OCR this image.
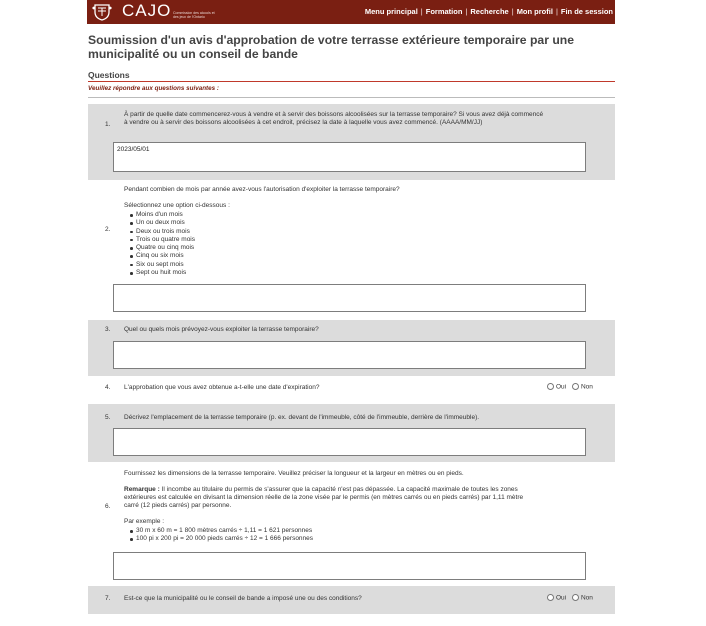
CAJO Commission des alcools et des jeux de l'Ontario
Menu principal | Formation | Recherche | Mon profil | Fin de session
Soumission d'un avis d'approbation de votre terrasse extérieure temporaire par une municipalité ou un conseil de bande
Questions
Veuillez répondre aux questions suivantes :
1.
À partir de quelle date commencerez-vous à vendre et à servir des boissons alcoolisées sur la terrasse temporaire? Si vous avez déjà commencé à vendre ou à servir des boissons alcoolisées à cet endroit, précisez la date à laquelle vous avez commencé. (AAAA/MM/JJ)
2023/05/01
2.
Pendant combien de mois par année avez-vous l'autorisation d'exploiter la terrasse temporaire?
Sélectionnez une option ci-dessous :
Moins d'un mois
Un ou deux mois
Deux ou trois mois
Trois ou quatre mois
Quatre ou cinq mois
Cinq ou six mois
Six ou sept mois
Sept ou huit mois
3. Quel ou quels mois prévoyez-vous exploiter la terrasse temporaire?
4. L'approbation que vous avez obtenue a-t-elle une date d'expiration?	Oui Non
5. Décrivez l'emplacement de la terrasse temporaire (p. ex. devant de l'immeuble, côté de l'immeuble, derrière de l'immeuble).
6.
Fournissez les dimensions de la terrasse temporaire. Veuillez préciser la longueur et la largeur en mètres ou en pieds.
Remarque : Il incombe au titulaire du permis de s'assurer que la capacité n'est pas dépassée. La capacité maximale de toutes les zones extérieures est calculée en divisant la dimension réelle de la zone visée par le permis (en mètres carrés ou en pieds carrés) par 1,11 mètre carré (12 pieds carrés) par personne.
Par exemple :
30 m x 60 m = 1 800 mètres carrés ÷ 1,11 = 1 621 personnes
100 pi x 200 pi = 20 000 pieds carrés ÷ 12 = 1 666 personnes
7. Est-ce que la municipalité ou le conseil de bande a imposé une ou des conditions?	Oui Non
